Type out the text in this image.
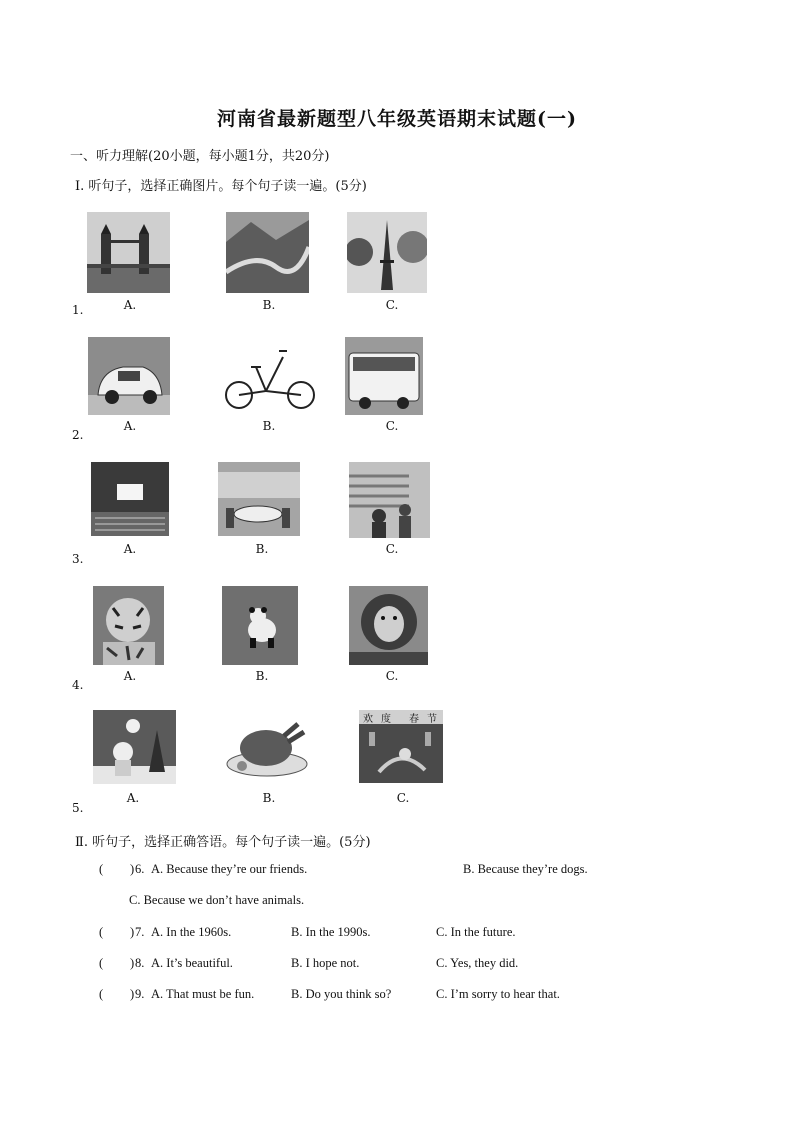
河南省最新题型八年级英语期末试题(一)
一、听力理解(20小题，每小题1分，共20分)
Ⅰ. 听句子，选择正确图片。每个句子读一遍。(5分)
A.	B.	C.
1.
A.	B.	C.
2.
A.	B.	C.
3.
A.	B.	C.
4.
欢 度 春 节
A.	B.	C.
5.
Ⅱ. 听句子，选择正确答语。每个句子读一遍。(5分)
( ) 6. A. Because they’re our friends.	B. Because they’re dogs.
C. Because we don’t have animals.
( ) 7. A. In the 1960s.	B. In the 1990s.	C. In the future.
( ) 8. A. It’s beautiful.	B. I hope not.	C. Yes, they did.
( ) 9. A. That must be fun.	B. Do you think so?	C. I’m sorry to hear that.
